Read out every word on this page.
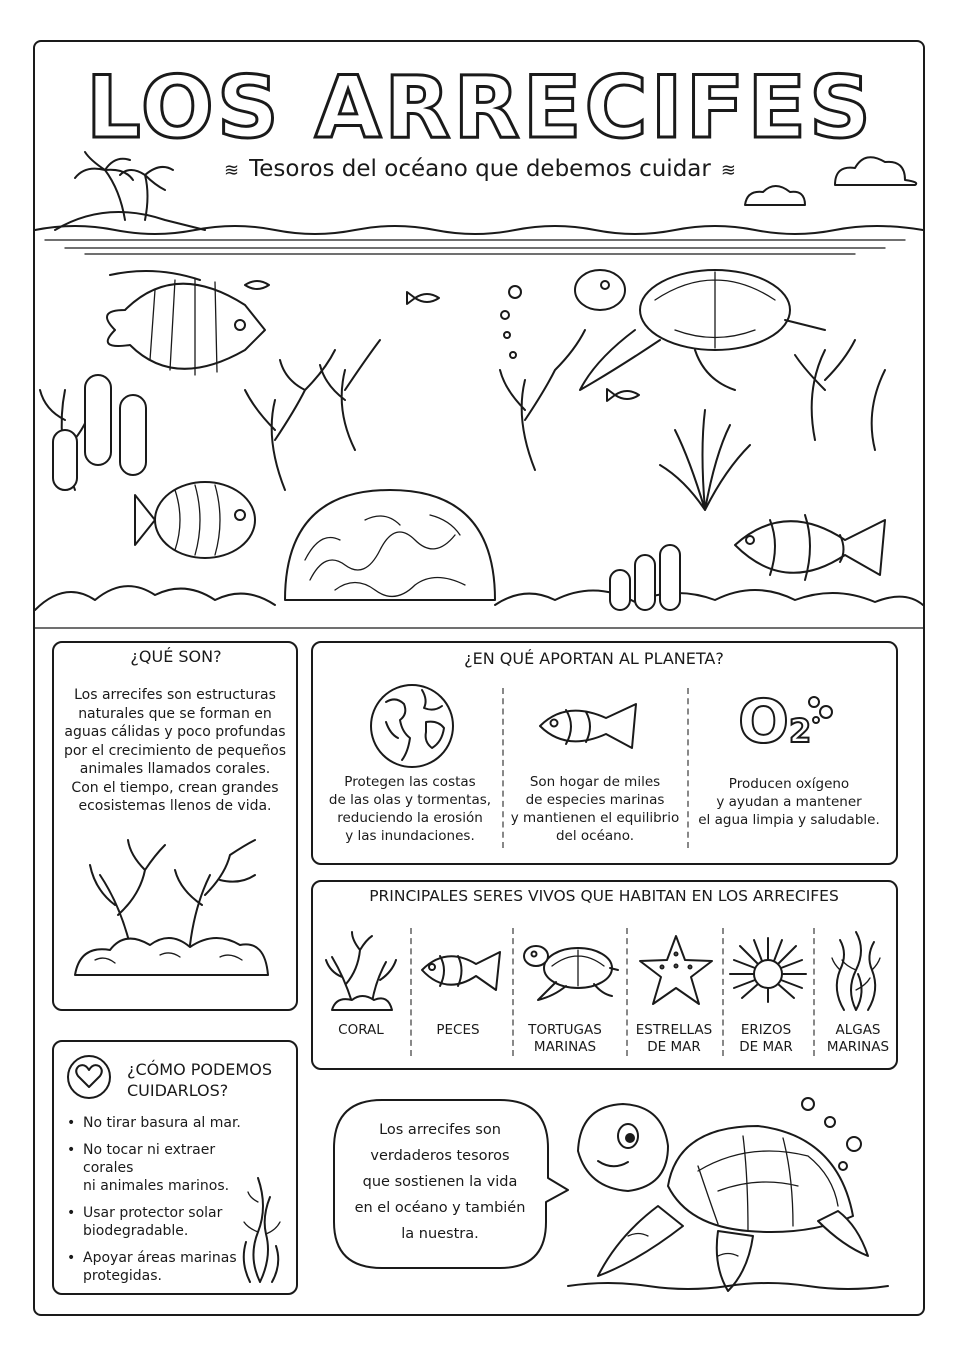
LOS ARRECIFES
≋ Tesoros del océano que debemos cuidar ≋
¿QUÉ SON?
Los arrecifes son estructuras
naturales que se forman en
aguas cálidas y poco profundas
por el crecimiento de pequeños
animales llamados corales.
Con el tiempo, crean grandes
ecosistemas llenos de vida.
¿EN QUÉ APORTAN AL PLANETA?
O2
Protegen las costas
de las olas y tormentas,
reduciendo la erosión
y las inundaciones.
Son hogar de miles
de especies marinas
y mantienen el equilibrio
del océano.
Producen oxígeno
y ayudan a mantener
el agua limpia y saludable.
PRINCIPALES SERES VIVOS QUE HABITAN EN LOS ARRECIFES
CORAL	PECES	TORTUGAS
MARINAS
ESTRELLAS
DE MAR
ERIZOS
DE MAR
ALGAS
MARINAS
¿CÓMO PODEMOS
CUIDARLOS?
• No tirar basura al mar.
• No tocar ni extraer corales
ni animales marinos.
• Usar protector solar
biodegradable.
• Apoyar áreas marinas
protegidas.
Los arrecifes son
verdaderos tesoros
que sostienen la vida
en el océano y también
la nuestra.
